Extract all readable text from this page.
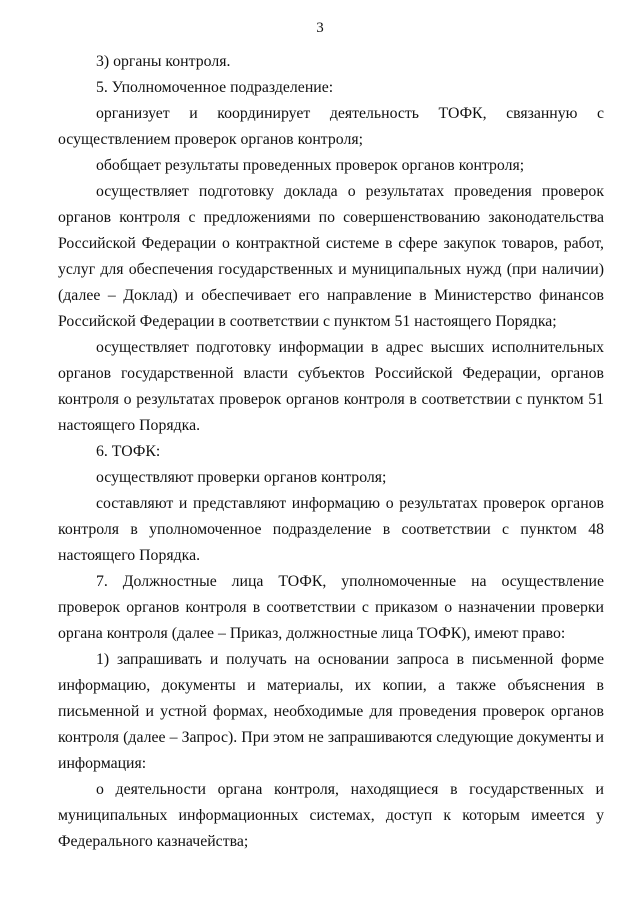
3

3) органы контроля.

5. Уполномоченное подразделение:

организует и координирует деятельность ТОФК, связанную с осуществлением проверок органов контроля;

обобщает результаты проведенных проверок органов контроля;

осуществляет подготовку доклада о результатах проведения проверок органов контроля с предложениями по совершенствованию законодательства Российской Федерации о контрактной системе в сфере закупок товаров, работ, услуг для обеспечения государственных и муниципальных нужд (при наличии) (далее – Доклад) и обеспечивает его направление в Министерство финансов Российской Федерации в соответствии с пунктом 51 настоящего Порядка;

осуществляет подготовку информации в адрес высших исполнительных органов государственной власти субъектов Российской Федерации, органов контроля о результатах проверок органов контроля в соответствии с пунктом 51 настоящего Порядка.

6. ТОФК:

осуществляют проверки органов контроля;

составляют и представляют информацию о результатах проверок органов контроля в уполномоченное подразделение в соответствии с пунктом 48 настоящего Порядка.

7. Должностные лица ТОФК, уполномоченные на осуществление проверок органов контроля в соответствии с приказом о назначении проверки органа контроля (далее – Приказ, должностные лица ТОФК), имеют право:

1) запрашивать и получать на основании запроса в письменной форме информацию, документы и материалы, их копии, а также объяснения в письменной и устной формах, необходимые для проведения проверок органов контроля (далее – Запрос). При этом не запрашиваются следующие документы и информация:

о деятельности органа контроля, находящиеся в государственных и муниципальных информационных системах, доступ к которым имеется у Федерального казначейства;
